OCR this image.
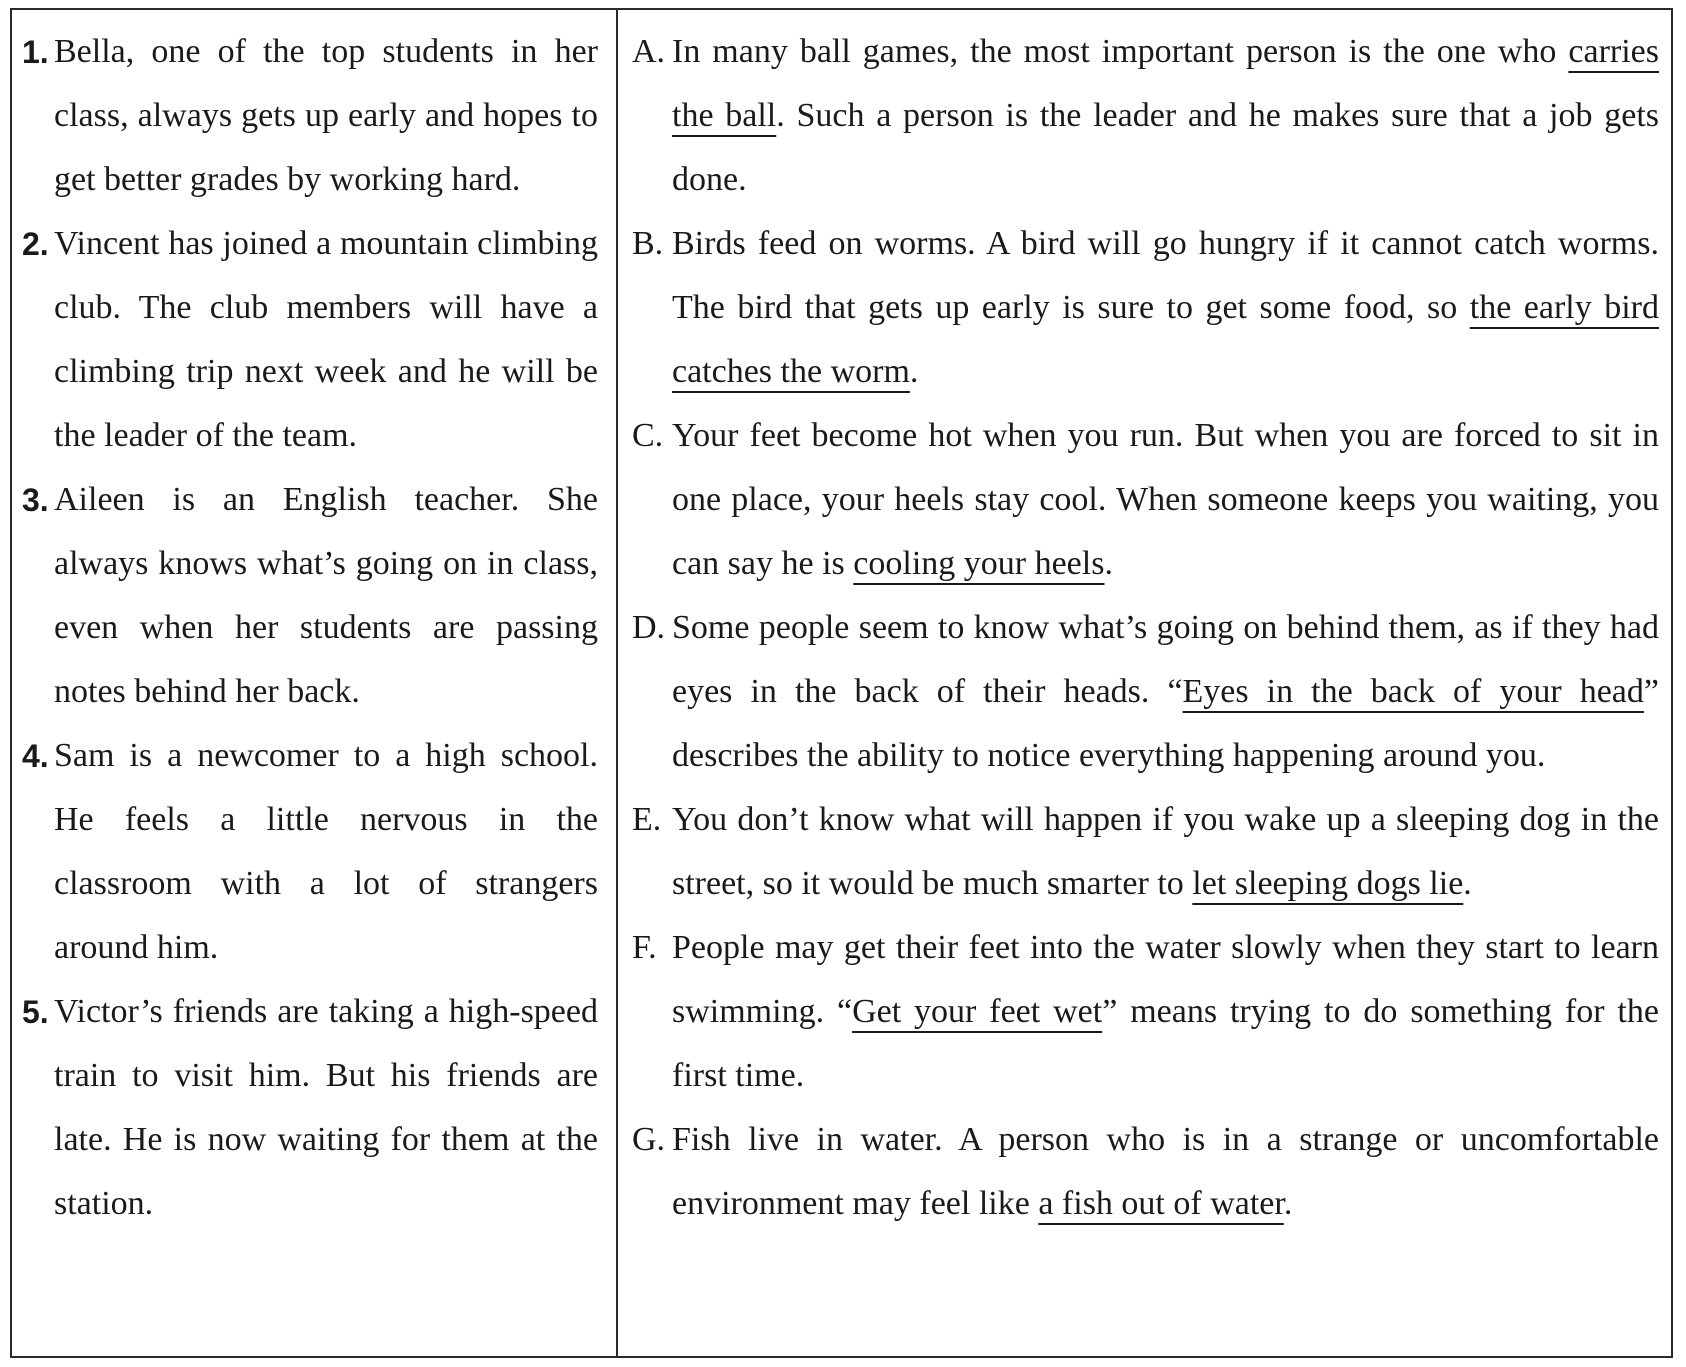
1. Bella, one of the top students in her class, always gets up early and hopes to get better grades by working hard.
2. Vincent has joined a mountain climbing club. The club members will have a climbing trip next week and he will be the leader of the team.
3. Aileen is an English teacher. She always knows what’s going on in class, even when her students are passing notes behind her back.
4. Sam is a newcomer to a high school. He feels a little nervous in the classroom with a lot of strangers around him.
5. Victor’s friends are taking a high-speed train to visit him. But his friends are late. He is now waiting for them at the station.
A. In many ball games, the most important person is the one who carries the ball. Such a person is the leader and he makes sure that a job gets done.
B. Birds feed on worms. A bird will go hungry if it cannot catch worms. The bird that gets up early is sure to get some food, so the early bird catches the worm.
C. Your feet become hot when you run. But when you are forced to sit in one place, your heels stay cool. When someone keeps you waiting, you can say he is cooling your heels.
D. Some people seem to know what’s going on behind them, as if they had eyes in the back of their heads. “Eyes in the back of your head” describes the ability to notice everything happening around you.
E. You don’t know what will happen if you wake up a sleeping dog in the street, so it would be much smarter to let sleeping dogs lie.
F. People may get their feet into the water slowly when they start to learn swimming. “Get your feet wet” means trying to do something for the first time.
G. Fish live in water. A person who is in a strange or uncomfortable environment may feel like a fish out of water.
